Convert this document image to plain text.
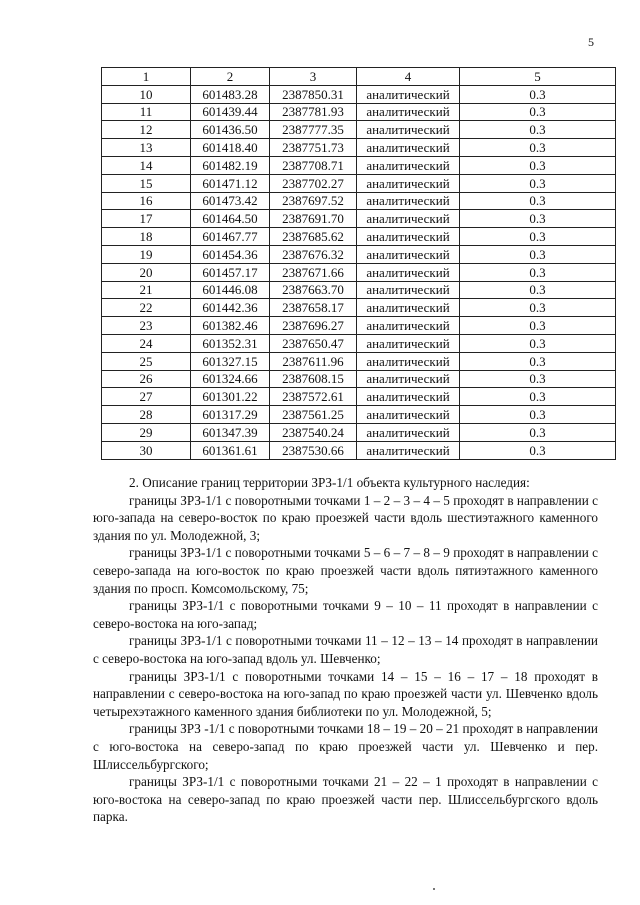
5
1	2	3	4	5
10	601483.28	2387850.31	аналитический	0.3
11	601439.44	2387781.93	аналитический	0.3
12	601436.50	2387777.35	аналитический	0.3
13	601418.40	2387751.73	аналитический	0.3
14	601482.19	2387708.71	аналитический	0.3
15	601471.12	2387702.27	аналитический	0.3
16	601473.42	2387697.52	аналитический	0.3
17	601464.50	2387691.70	аналитический	0.3
18	601467.77	2387685.62	аналитический	0.3
19	601454.36	2387676.32	аналитический	0.3
20	601457.17	2387671.66	аналитический	0.3
21	601446.08	2387663.70	аналитический	0.3
22	601442.36	2387658.17	аналитический	0.3
23	601382.46	2387696.27	аналитический	0.3
24	601352.31	2387650.47	аналитический	0.3
25	601327.15	2387611.96	аналитический	0.3
26	601324.66	2387608.15	аналитический	0.3
27	601301.22	2387572.61	аналитический	0.3
28	601317.29	2387561.25	аналитический	0.3
29	601347.39	2387540.24	аналитический	0.3
30	601361.61	2387530.66	аналитический	0.3

2. Описание границ территории ЗРЗ-1/1 объекта культурного наследия:

границы ЗРЗ-1/1 с поворотными точками 1 – 2 – 3 – 4 – 5 проходят в направлении с юго-запада на северо-восток по краю проезжей части вдоль шестиэтажного каменного здания по ул. Молодежной, 3;

границы ЗРЗ-1/1 с поворотными точками 5 – 6 – 7 – 8 – 9 проходят в направлении с северо-запада на юго-восток по краю проезжей части вдоль пятиэтажного каменного здания по просп. Комсомольскому, 75;

границы ЗРЗ-1/1 с поворотными точками 9 – 10 – 11 проходят в направлении с северо-востока на юго-запад;

границы ЗРЗ-1/1 с поворотными точками 11 – 12 – 13 – 14 проходят в направлении с северо-востока на юго-запад вдоль ул. Шевченко;

границы ЗРЗ-1/1 с поворотными точками 14 – 15 – 16 – 17 – 18 проходят в направлении с северо-востока на юго-запад по краю проезжей части ул. Шевченко вдоль четырехэтажного каменного здания библиотеки по ул. Молодежной, 5;

границы ЗРЗ -1/1 с поворотными точками 18 – 19 – 20 – 21 проходят в направлении с юго-востока на северо-запад по краю проезжей части ул. Шевченко и пер. Шлиссельбургского;

границы ЗРЗ-1/1 с поворотными точками 21 – 22 – 1 проходят в направлении с юго-востока на северо-запад по краю проезжей части пер. Шлиссельбургского вдоль парка.
